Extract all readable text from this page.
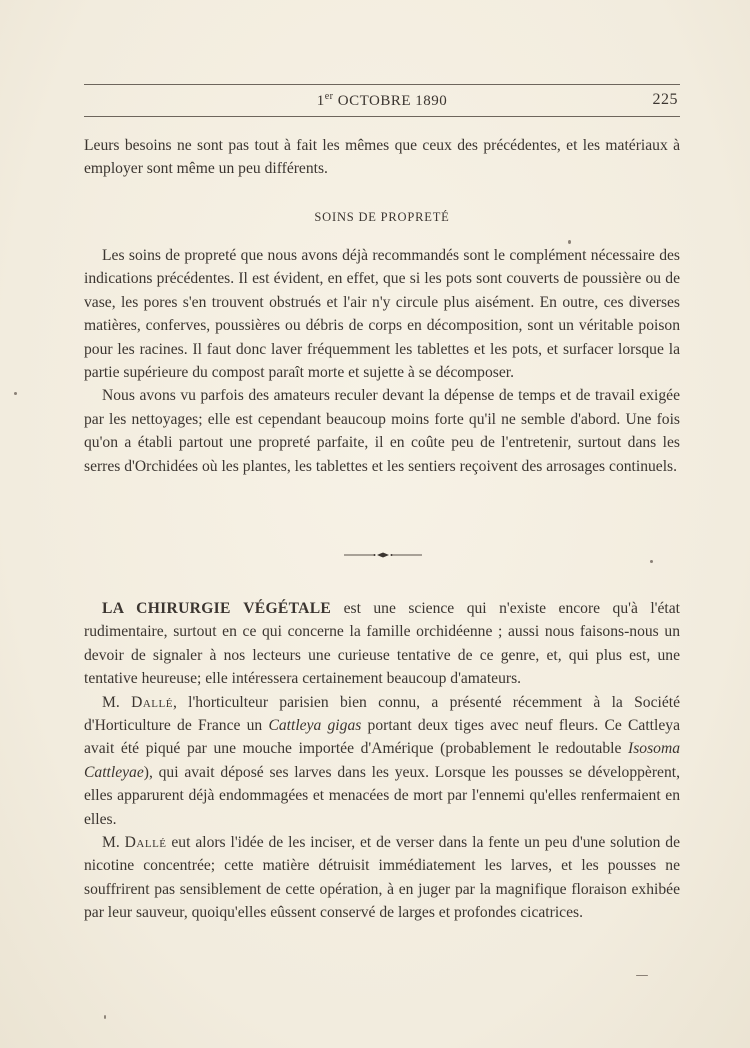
1er OCTOBRE 1890	225

Leurs besoins ne sont pas tout à fait les mêmes que ceux des précédentes, et les matériaux à employer sont même un peu différents.

SOINS DE PROPRETÉ

Les soins de propreté que nous avons déjà recommandés sont le complément nécessaire des indications précédentes. Il est évident, en effet, que si les pots sont couverts de poussière ou de vase, les pores s'en trouvent obstrués et l'air n'y circule plus aisément. En outre, ces diverses matières, conferves, poussières ou débris de corps en décomposition, sont un véritable poison pour les racines. Il faut donc laver fréquemment les tablettes et les pots, et surfacer lorsque la partie supérieure du compost paraît morte et sujette à se décomposer.

Nous avons vu parfois des amateurs reculer devant la dépense de temps et de travail exigée par les nettoyages; elle est cependant beaucoup moins forte qu'il ne semble d'abord. Une fois qu'on a établi partout une propreté parfaite, il en coûte peu de l'entretenir, surtout dans les serres d'Orchidées où les plantes, les tablettes et les sentiers reçoivent des arrosages continuels.

LA CHIRURGIE VÉGÉTALE est une science qui n'existe encore qu'à l'état rudimentaire, surtout en ce qui concerne la famille orchidéenne ; aussi nous faisons-nous un devoir de signaler à nos lecteurs une curieuse tentative de ce genre, et, qui plus est, une tentative heureuse; elle intéressera certainement beaucoup d'amateurs.

M. Dallé, l'horticulteur parisien bien connu, a présenté récemment à la Société d'Horticulture de France un Cattleya gigas portant deux tiges avec neuf fleurs. Ce Cattleya avait été piqué par une mouche importée d'Amérique (probablement le redoutable Isosoma Cattleyae), qui avait déposé ses larves dans les yeux. Lorsque les pousses se développèrent, elles apparurent déjà endommagées et menacées de mort par l'ennemi qu'elles renfermaient en elles.

M. Dallé eut alors l'idée de les inciser, et de verser dans la fente un peu d'une solution de nicotine concentrée; cette matière détruisit immédiatement les larves, et les pousses ne souffrirent pas sensiblement de cette opération, à en juger par la magnifique floraison exhibée par leur sauveur, quoiqu'elles eûssent conservé de larges et profondes cicatrices.
